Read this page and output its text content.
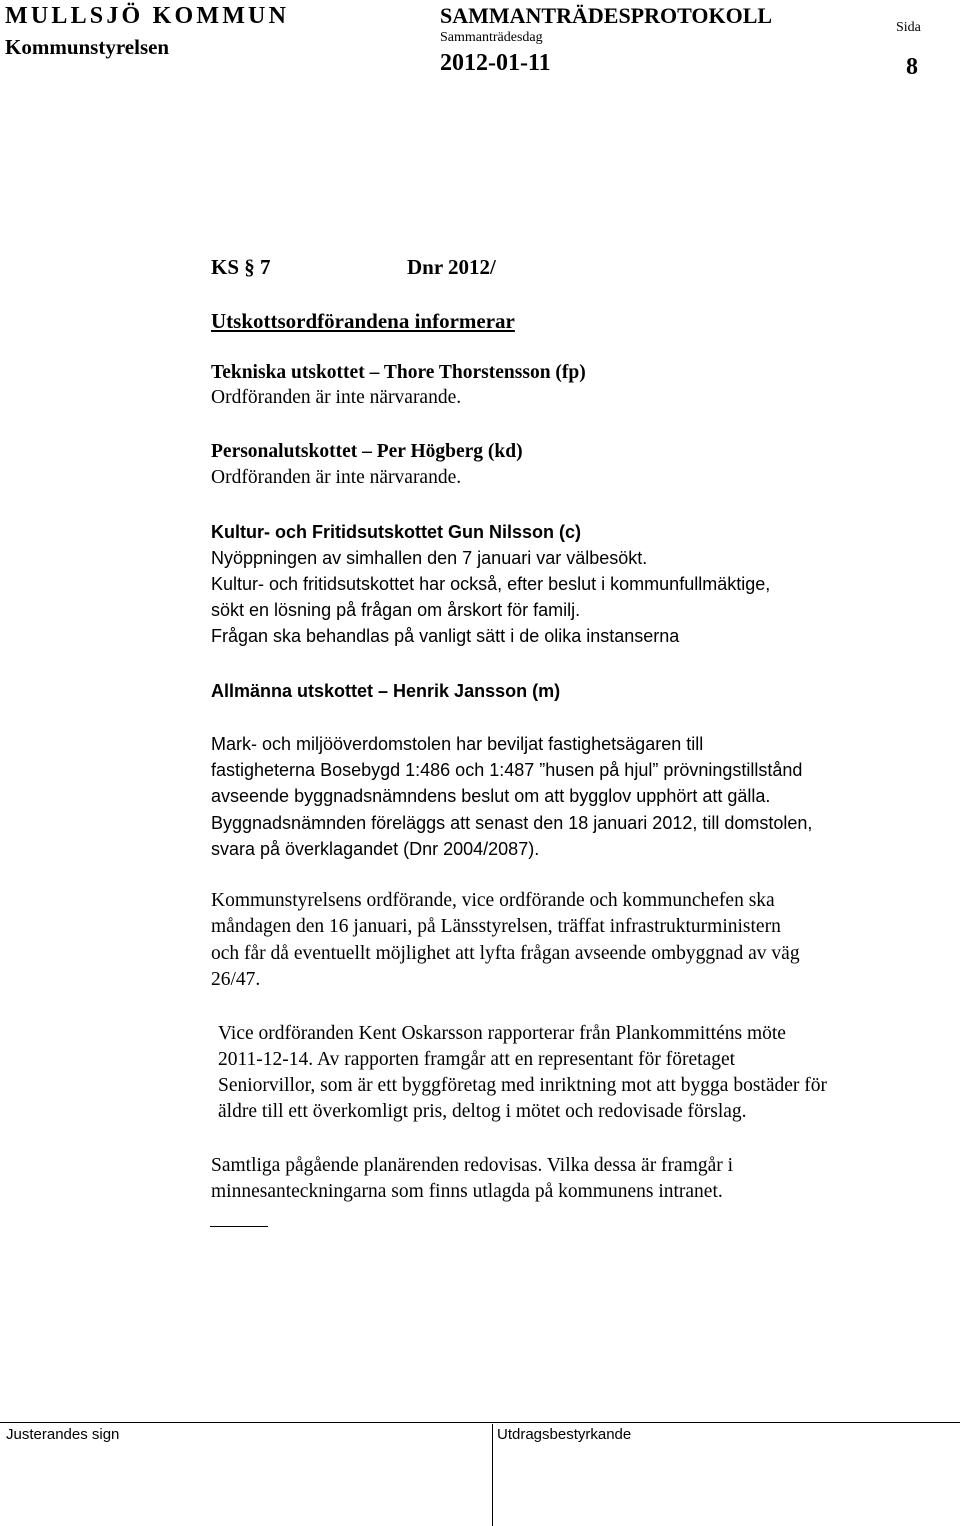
MULLSJÖ KOMMUN
Kommunstyrelsen
SAMMANTRÄDESPROTOKOLL
Sammanträdesdag
2012-01-11
Sida
8
KS § 7	Dnr 2012/
Utskottsordförandena informerar
Tekniska utskottet – Thore Thorstensson (fp)
Ordföranden är inte närvarande.
Personalutskottet – Per Högberg (kd)
Ordföranden är inte närvarande.
Kultur- och Fritidsutskottet Gun Nilsson (c)
Nyöppningen av simhallen den 7 januari var välbesökt.
Kultur- och fritidsutskottet har också, efter beslut i kommunfullmäktige,
sökt en lösning på frågan om årskort för familj.
Frågan ska behandlas på vanligt sätt i de olika instanserna
Allmänna utskottet – Henrik Jansson (m)
Mark- och miljööverdomstolen har beviljat fastighetsägaren till
fastigheterna Bosebygd 1:486 och 1:487 ”husen på hjul” prövningstillstånd
avseende byggnadsnämndens beslut om att bygglov upphört att gälla.
Byggnadsnämnden föreläggs att senast den 18 januari 2012, till domstolen,
svara på överklagandet (Dnr 2004/2087).
Kommunstyrelsens ordförande, vice ordförande och kommunchefen ska
måndagen den 16 januari, på Länsstyrelsen, träffat infrastrukturministern
och får då eventuellt möjlighet att lyfta frågan avseende ombyggnad av väg
26/47.
Vice ordföranden Kent Oskarsson rapporterar från Plankommitténs möte
2011-12-14. Av rapporten framgår att en representant för företaget
Seniorvillor, som är ett byggföretag med inriktning mot att bygga bostäder för
äldre till ett överkomligt pris, deltog i mötet och redovisade förslag.
Samtliga pågående planärenden redovisas. Vilka dessa är framgår i
minnesanteckningarna som finns utlagda på kommunens intranet.
Justerandes sign	Utdragsbestyrkande
